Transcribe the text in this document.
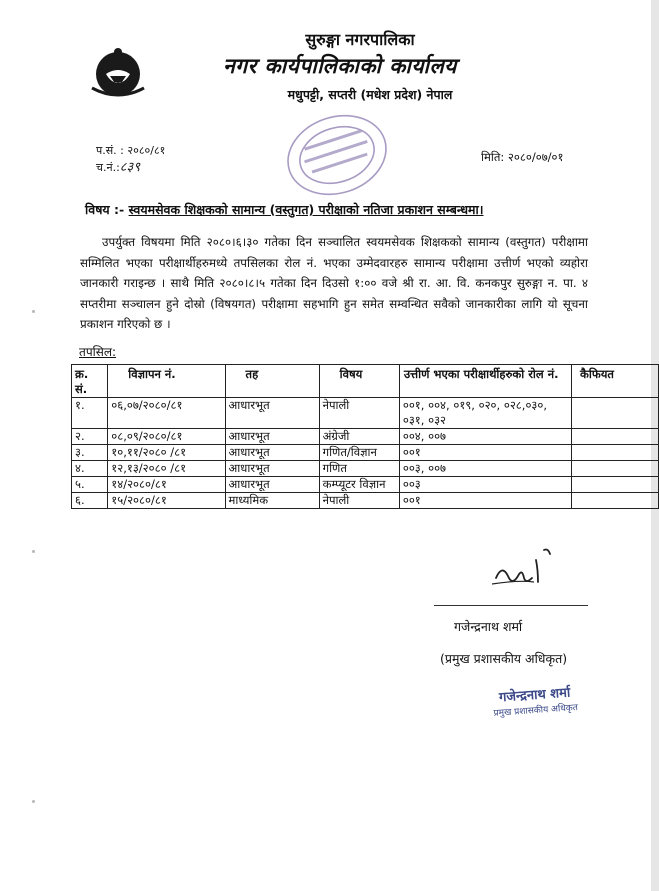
सुरुङ्गा नगरपालिका
नगर कार्यपालिकाको कार्यालय
मधुपट्टी, सप्तरी (मधेश प्रदेश) नेपाल
प.सं. : २०८०/८१
च.नं.:८३९
मिति: २०८०/०७/०१
विषय :- स्वयमसेवक शिक्षकको सामान्य (वस्तुगत) परीक्षाको नतिजा प्रकाशन सम्बन्धमा।
उपर्युक्त विषयमा मिति २०८०।६।३० गतेका दिन सञ्चालित स्वयमसेवक शिक्षकको सामान्य (वस्तुगत) परीक्षामा सम्मिलित भएका परीक्षार्थीहरुमध्ये तपसिलका रोल नं. भएका उम्मेदवारहरु सामान्य परीक्षामा उत्तीर्ण भएको व्यहोरा जानकारी गराइन्छ । साथै मिति २०८०।८।५ गतेका दिन दिउसो १:०० वजे श्री रा. आ. वि. कनकपुर सुरुङ्गा न. पा. ४ सप्तरीमा सञ्चालन हुने दोस्रो (विषयगत) परीक्षामा सहभागि हुन समेत सम्वन्धित सवैको जानकारीका लागि यो सूचना प्रकाशन गरिएको छ ।
तपसिल:
क्र. सं.	विज्ञापन नं.	तह	विषय	उत्तीर्ण भएका परीक्षार्थीहरुको रोल नं.	कैफियत
१.	०६,०७/२०८०/८१	आधारभूत	नेपाली	००१, ००४, ०१९, ०२०, ०२८,०३०, ०३१, ०३२	
२.	०८,०९/२०८०/८१	आधारभूत	अंग्रेजी	००४, ००७	
३.	१०,११/२०८० /८१	आधारभूत	गणित/विज्ञान	००१	
४.	१२,१३/२०८० /८१	आधारभूत	गणित	००३, ००७	
५.	१४/२०८०/८१	आधारभूत	कम्प्यूटर विज्ञान	००३	
६.	१५/२०८०/८१	माध्यमिक	नेपाली	००१	
गजेन्द्रनाथ शर्मा
(प्रमुख प्रशासकीय अधिकृत)
गजेन्द्रनाथ शर्मा
प्रमुख प्रशासकीय अधिकृत
